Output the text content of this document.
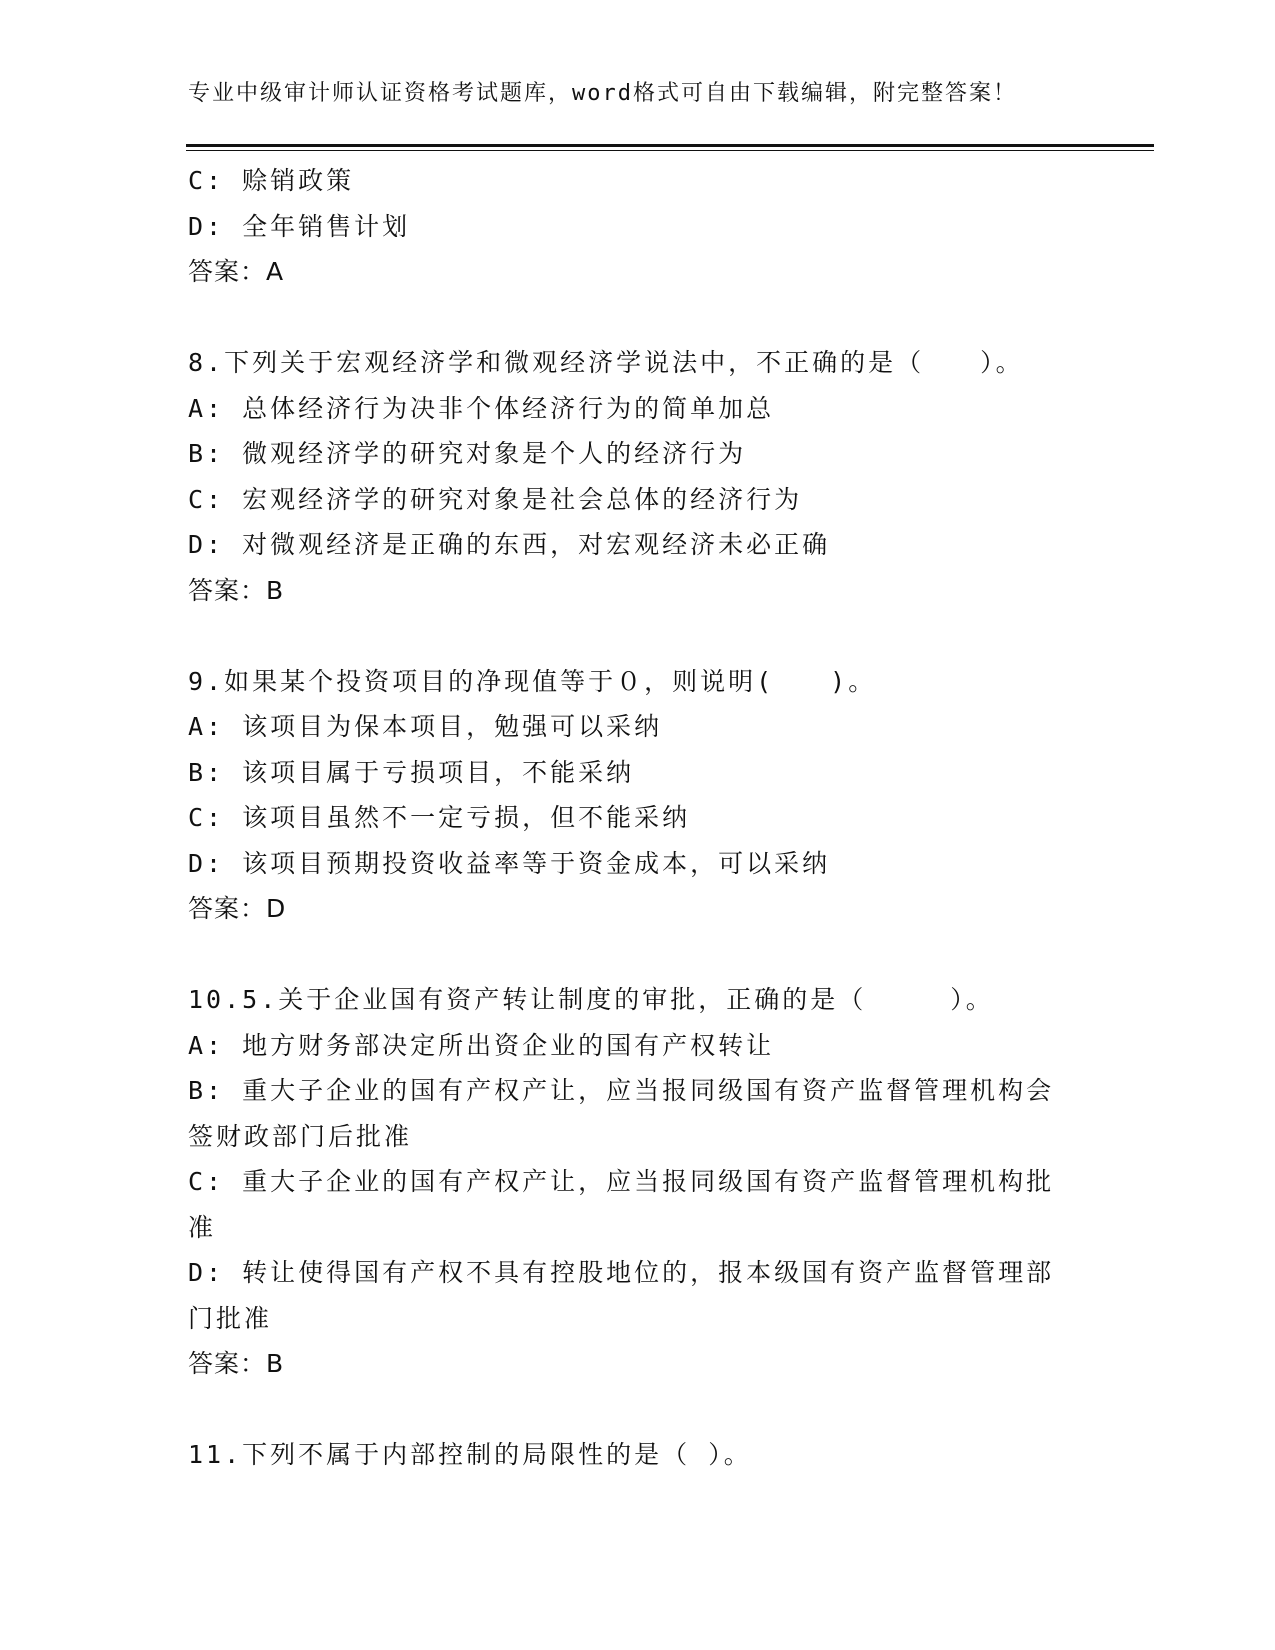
专业中级审计师认证资格考试题库，word格式可自由下载编辑，附完整答案！
C: 赊销政策
D: 全年销售计划
答案：A
8.下列关于宏观经济学和微观经济学说法中，不正确的是（　　）。
A: 总体经济行为决非个体经济行为的简单加总
B: 微观经济学的研究对象是个人的经济行为
C: 宏观经济学的研究对象是社会总体的经济行为
D: 对微观经济是正确的东西，对宏观经济未必正确
答案：B
9.如果某个投资项目的净现值等于０，则说明(　　)。
A: 该项目为保本项目，勉强可以采纳
B: 该项目属于亏损项目，不能采纳
C: 该项目虽然不一定亏损，但不能采纳
D: 该项目预期投资收益率等于资金成本，可以采纳
答案：D
10.5.关于企业国有资产转让制度的审批，正确的是（　　　）。
A: 地方财务部决定所出资企业的国有产权转让
B: 重大子企业的国有产权产让，应当报同级国有资产监督管理机构会
签财政部门后批准
C: 重大子企业的国有产权产让，应当报同级国有资产监督管理机构批
准
D: 转让使得国有产权不具有控股地位的，报本级国有资产监督管理部
门批准
答案：B
11.下列不属于内部控制的局限性的是（ ）。
